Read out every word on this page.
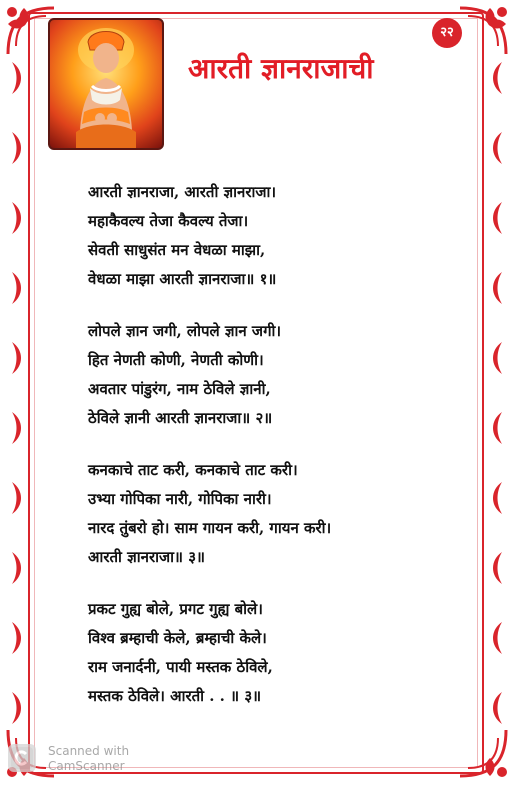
२२
आरती ज्ञानराजाची
आरती ज्ञानराजा, आरती ज्ञानराजा।
महाकैवल्य तेजा कैवल्य तेजा।
सेवती साधुसंत मन वेधळा माझा,
वेधळा माझा आरती ज्ञानराजा॥ १॥
लोपले ज्ञान जगी, लोपले ज्ञान जगी।
हित नेणती कोणी, नेणती कोणी।
अवतार पांडुरंग, नाम ठेविले ज्ञानी,
ठेविले ज्ञानी आरती ज्ञानराजा॥ २॥
कनकाचे ताट करी, कनकाचे ताट करी।
उभ्या गोपिका नारी, गोपिका नारी।
नारद तुंबरो हो। साम गायन करी, गायन करी।
आरती ज्ञानराजा॥ ३॥
प्रकट गुह्य बोले, प्रगट गुह्य बोले।
विश्व ब्रम्हाची केले, ब्रम्हाची केले।
राम जनार्दनी, पायी मस्तक ठेविले,
मस्तक ठेविले। आरती . . ॥ ३॥
Scanned with
CamScanner
